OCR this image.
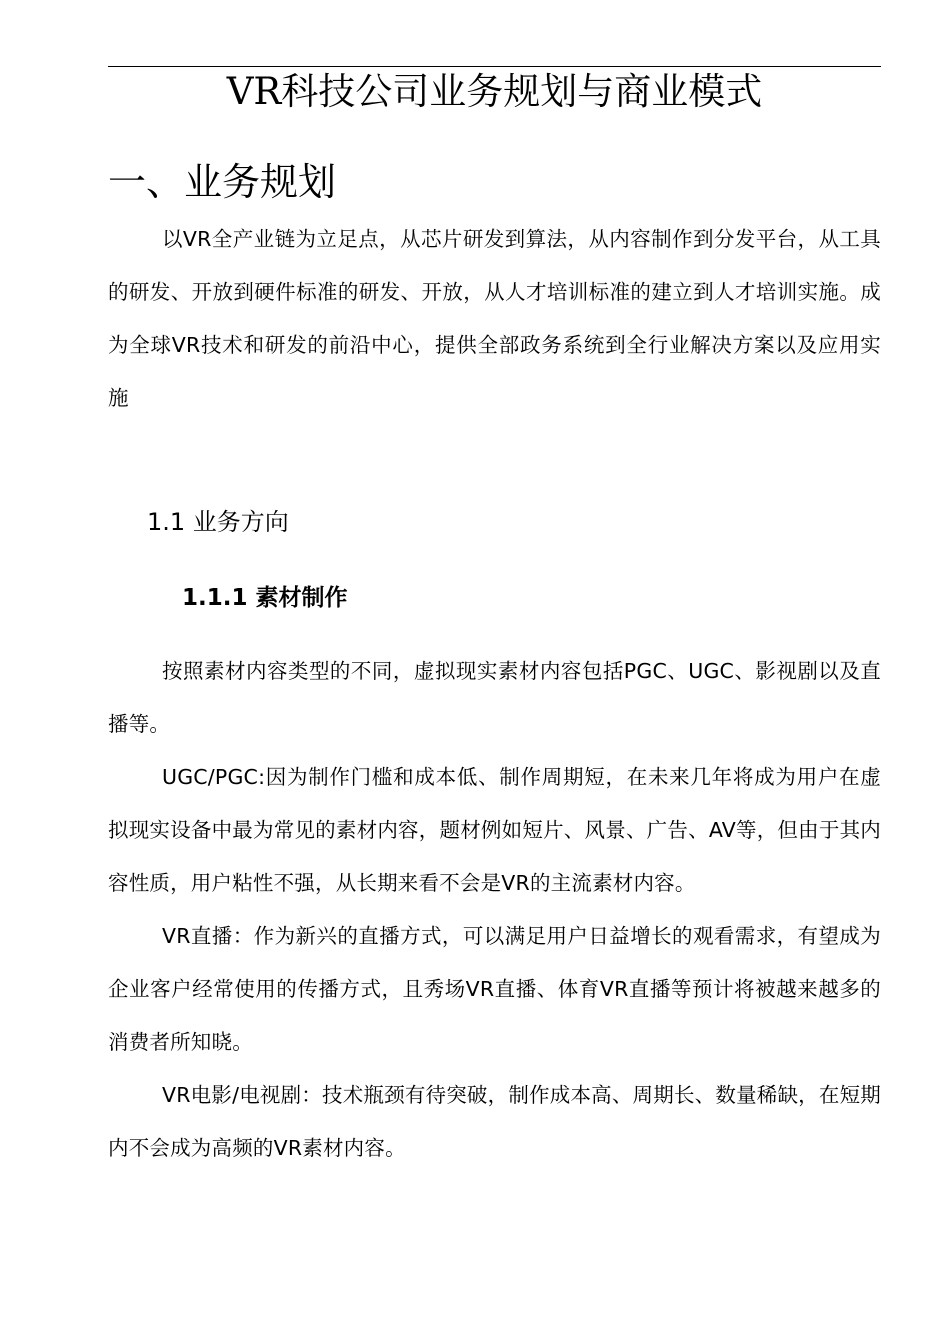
VR科技公司业务规划与商业模式
一、业务规划

以VR全产业链为立足点，从芯片研发到算法，从内容制作到分发平台，从工具的研发、开放到硬件标准的研发、开放，从人才培训标准的建立到人才培训实施。成为全球VR技术和研发的前沿中心，提供全部政务系统到全行业解决方案以及应用实施

1.1 业务方向
1.1.1 素材制作

按照素材内容类型的不同，虚拟现实素材内容包括PGC、UGC、影视剧以及直播等。

UGC/PGC:因为制作门槛和成本低、制作周期短，在未来几年将成为用户在虚拟现实设备中最为常见的素材内容，题材例如短片、风景、广告、AV等，但由于其内容性质，用户粘性不强，从长期来看不会是VR的主流素材内容。

VR直播：作为新兴的直播方式，可以满足用户日益增长的观看需求，有望成为企业客户经常使用的传播方式，且秀场VR直播、体育VR直播等预计将被越来越多的消费者所知晓。

VR电影/电视剧：技术瓶颈有待突破，制作成本高、周期长、数量稀缺，在短期内不会成为高频的VR素材内容。
